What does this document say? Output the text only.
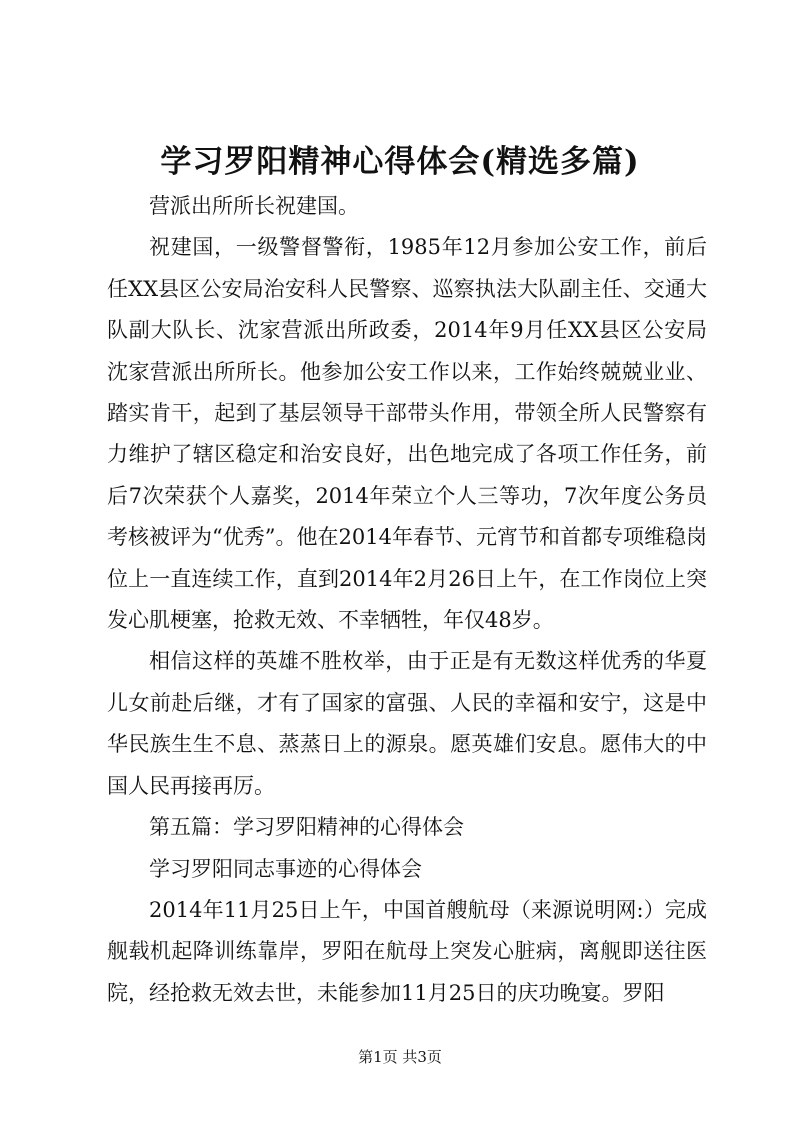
学习罗阳精神心得体会(精选多篇)

营派出所所长祝建国。

祝建国，一级警督警衔，1985年12月参加公安工作，前后任XX县区公安局治安科人民警察、巡察执法大队副主任、交通大队副大队长、沈家营派出所政委，2014年9月任XX县区公安局沈家营派出所所长。他参加公安工作以来，工作始终兢兢业业、踏实肯干，起到了基层领导干部带头作用，带领全所人民警察有力维护了辖区稳定和治安良好，出色地完成了各项工作任务，前后7次荣获个人嘉奖，2014年荣立个人三等功，7次年度公务员考核被评为“优秀”。他在2014年春节、元宵节和首都专项维稳岗位上一直连续工作，直到2014年2月26日上午，在工作岗位上突发心肌梗塞，抢救无效、不幸牺牲，年仅48岁。

相信这样的英雄不胜枚举，由于正是有无数这样优秀的华夏儿女前赴后继，才有了国家的富强、人民的幸福和安宁，这是中华民族生生不息、蒸蒸日上的源泉。愿英雄们安息。愿伟大的中国人民再接再厉。

第五篇：学习罗阳精神的心得体会

学习罗阳同志事迹的心得体会

2014年11月25日上午，中国首艘航母（来源说明网:）完成舰载机起降训练靠岸，罗阳在航母上突发心脏病，离舰即送往医院，经抢救无效去世，未能参加11月25日的庆功晚宴。罗阳

第1页 共3页
